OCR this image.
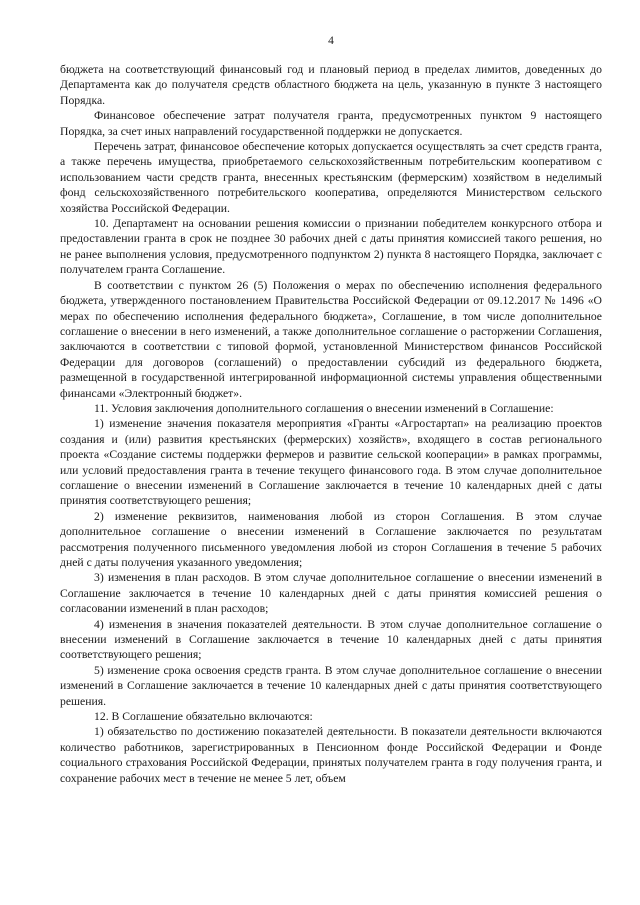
4

бюджета на соответствующий финансовый год и плановый период в пределах лимитов, доведенных до Департамента как до получателя средств областного бюджета на цель, указанную в пункте 3 настоящего Порядка.

Финансовое обеспечение затрат получателя гранта, предусмотренных пунктом 9 настоящего Порядка, за счет иных направлений государственной поддержки не допускается.

Перечень затрат, финансовое обеспечение которых допускается осуществлять за счет средств гранта, а также перечень имущества, приобретаемого сельскохозяйственным потребительским кооперативом с использованием части средств гранта, внесенных крестьянским (фермерским) хозяйством в неделимый фонд сельскохозяйственного потребительского кооператива, определяются Министерством сельского хозяйства Российской Федерации.

10. Департамент на основании решения комиссии о признании победителем конкурсного отбора и предоставлении гранта в срок не позднее 30 рабочих дней с даты принятия комиссией такого решения, но не ранее выполнения условия, предусмотренного подпунктом 2) пункта 8 настоящего Порядка, заключает с получателем гранта Соглашение.

В соответствии с пунктом 26 (5) Положения о мерах по обеспечению исполнения федерального бюджета, утвержденного постановлением Правительства Российской Федерации от 09.12.2017 № 1496 «О мерах по обеспечению исполнения федерального бюджета», Соглашение, в том числе дополнительное соглашение о внесении в него изменений, а также дополнительное соглашение о расторжении Соглашения, заключаются в соответствии с типовой формой, установленной Министерством финансов Российской Федерации для договоров (соглашений) о предоставлении субсидий из федерального бюджета, размещенной в государственной интегрированной информационной системы управления общественными финансами «Электронный бюджет».

11. Условия заключения дополнительного соглашения о внесении изменений в Соглашение:

1) изменение значения показателя мероприятия «Гранты «Агростартап» на реализацию проектов создания и (или) развития крестьянских (фермерских) хозяйств», входящего в состав регионального проекта «Создание системы поддержки фермеров и развитие сельской кооперации» в рамках программы, или условий предоставления гранта в течение текущего финансового года. В этом случае дополнительное соглашение о внесении изменений в Соглашение заключается в течение 10 календарных дней с даты принятия соответствующего решения;

2) изменение реквизитов, наименования любой из сторон Соглашения. В этом случае дополнительное соглашение о внесении изменений в Соглашение заключается по результатам рассмотрения полученного письменного уведомления любой из сторон Соглашения в течение 5 рабочих дней с даты получения указанного уведомления;

3) изменения в план расходов. В этом случае дополнительное соглашение о внесении изменений в Соглашение заключается в течение 10 календарных дней с даты принятия комиссией решения о согласовании изменений в план расходов;

4) изменения в значения показателей деятельности. В этом случае дополнительное соглашение о внесении изменений в Соглашение заключается в течение 10 календарных дней с даты принятия соответствующего решения;

5) изменение срока освоения средств гранта. В этом случае дополнительное соглашение о внесении изменений в Соглашение заключается в течение 10 календарных дней с даты принятия соответствующего решения.

12. В Соглашение обязательно включаются:

1) обязательство по достижению показателей деятельности. В показатели деятельности включаются количество работников, зарегистрированных в Пенсионном фонде Российской Федерации и Фонде социального страхования Российской Федерации, принятых получателем гранта в году получения гранта, и сохранение рабочих мест в течение не менее 5 лет, объем
